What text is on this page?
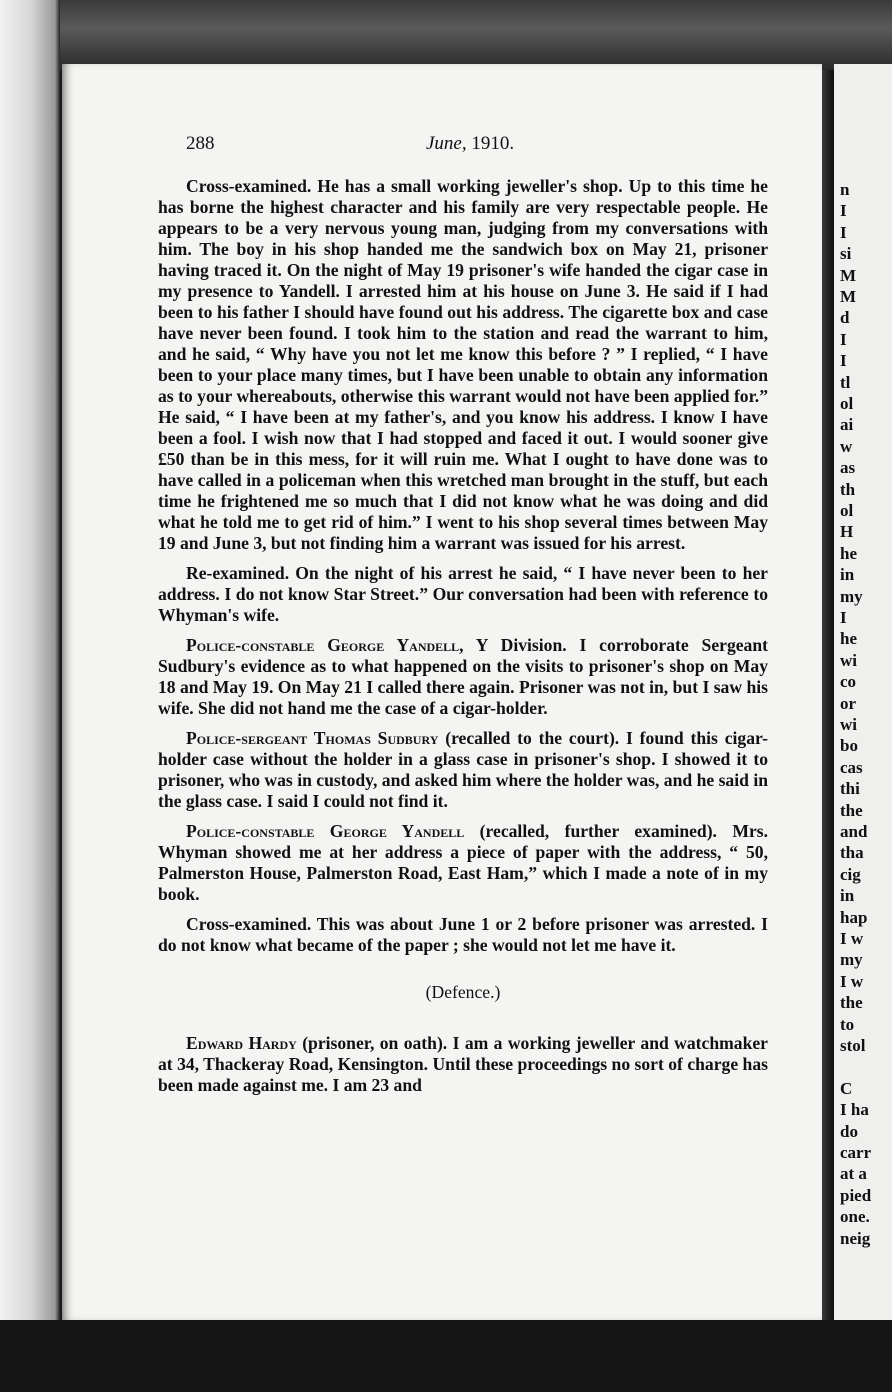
n
I
I
si
M
M
d
I
I
tl
ol
ai
w
as
th
ol
H
he
in
my
I
he
wi
co
or
wi
bo
cas
thi
the
and
tha
cig
in
hap
I w
my
I w
the
to
stol
C
I ha
do
carr
at a
pied
one.
neig
288	June, 1910.

Cross-examined. He has a small working jeweller's shop. Up to this time he has borne the highest character and his family are very respectable people. He appears to be a very nervous young man, judging from my conversations with him. The boy in his shop handed me the sandwich box on May 21, prisoner having traced it. On the night of May 19 prisoner's wife handed the cigar case in my presence to Yandell. I arrested him at his house on June 3. He said if I had been to his father I should have found out his address. The cigarette box and case have never been found. I took him to the station and read the warrant to him, and he said, “ Why have you not let me know this before ? ” I replied, “ I have been to your place many times, but I have been unable to obtain any information as to your whereabouts, otherwise this warrant would not have been applied for.” He said, “ I have been at my father's, and you know his address. I know I have been a fool. I wish now that I had stopped and faced it out. I would sooner give £50 than be in this mess, for it will ruin me. What I ought to have done was to have called in a policeman when this wretched man brought in the stuff, but each time he frightened me so much that I did not know what he was doing and did what he told me to get rid of him.” I went to his shop several times between May 19 and June 3, but not finding him a warrant was issued for his arrest.

Re-examined. On the night of his arrest he said, “ I have never been to her address. I do not know Star Street.” Our conversation had been with reference to Whyman's wife.

Police-constable George Yandell, Y Division. I corroborate Sergeant Sudbury's evidence as to what happened on the visits to prisoner's shop on May 18 and May 19. On May 21 I called there again. Prisoner was not in, but I saw his wife. She did not hand me the case of a cigar-holder.

Police-sergeant Thomas Sudbury (recalled to the court). I found this cigar-holder case without the holder in a glass case in prisoner's shop. I showed it to prisoner, who was in custody, and asked him where the holder was, and he said in the glass case. I said I could not find it.

Police-constable George Yandell (recalled, further examined). Mrs. Whyman showed me at her address a piece of paper with the address, “ 50, Palmerston House, Palmerston Road, East Ham,” which I made a note of in my book.

Cross-examined. This was about June 1 or 2 before prisoner was arrested. I do not know what became of the paper ; she would not let me have it.

(Defence.)

Edward Hardy (prisoner, on oath). I am a working jeweller and watchmaker at 34, Thackeray Road, Kensington. Until these proceedings no sort of charge has been made against me. I am 23 and
